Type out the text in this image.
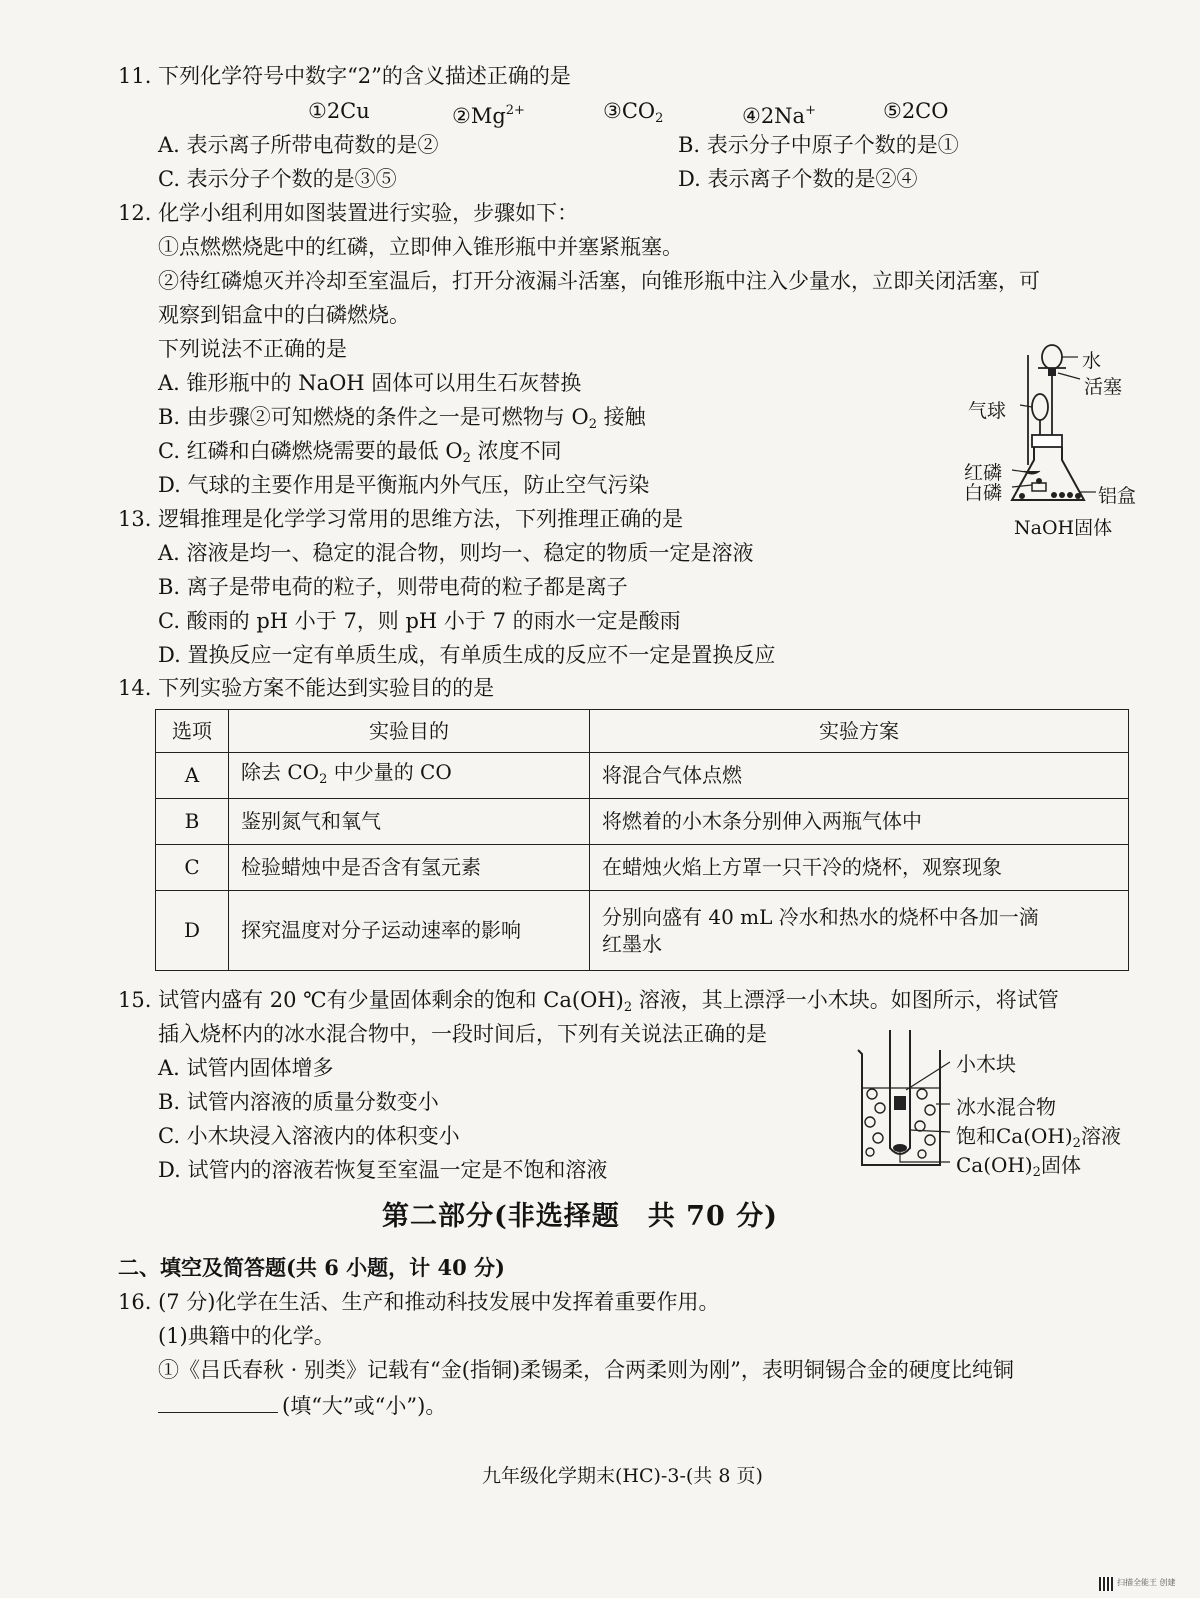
11. 下列化学符号中数字“2”的含义描述正确的是
①2Cu	$②Mg^{2+}$	$③CO_2$	④2Na+	⑤2CO
A. 表示离子所带电荷数的是②	B. 表示分子中原子个数的是①
C. 表示分子个数的是③⑤	D. 表示离子个数的是②④
12. 化学小组利用如图装置进行实验，步骤如下：
①点燃燃烧匙中的红磷，立即伸入锥形瓶中并塞紧瓶塞。
②待红磷熄灭并冷却至室温后，打开分液漏斗活塞，向锥形瓶中注入少量水，立即关闭活塞，可
观察到铝盒中的白磷燃烧。
下列说法不正确的是
A. 锥形瓶中的 NaOH 固体可以用生石灰替换
B. 由步骤②可知燃烧的条件之一是可燃物与 $O_2$ 接触
C. 红磷和白磷燃烧需要的最低 $O_2$ 浓度不同
D. 气球的主要作用是平衡瓶内外气压，防止空气污染
水
活塞
气球
红磷
白磷	铝盒
NaOH固体
13. 逻辑推理是化学学习常用的思维方法，下列推理正确的是
A. 溶液是均一、稳定的混合物，则均一、稳定的物质一定是溶液
B. 离子是带电荷的粒子，则带电荷的粒子都是离子
C. 酸雨的 pH 小于 7，则 pH 小于 7 的雨水一定是酸雨
D. 置换反应一定有单质生成，有单质生成的反应不一定是置换反应
14. 下列实验方案不能达到实验目的的是
选项	实验目的	实验方案
A	除去 $CO_2$ 中少量的 CO	将混合气体点燃
B	鉴别氮气和氧气	将燃着的小木条分别伸入两瓶气体中
C	检验蜡烛中是否含有氢元素	在蜡烛火焰上方罩一只干冷的烧杯，观察现象
D	探究温度对分子运动速率的影响	分别向盛有 40 mL 冷水和热水的烧杯中各加一滴
红墨水
15. 试管内盛有 20 ℃有少量固体剩余的饱和 $Ca(OH)_2$ 溶液，其上漂浮一小木块。如图所示，将试管
插入烧杯内的冰水混合物中，一段时间后，下列有关说法正确的是
A. 试管内固体增多
B. 试管内溶液的质量分数变小
C. 小木块浸入溶液内的体积变小
D. 试管内的溶液若恢复至室温一定是不饱和溶液
小木块
冰水混合物
饱和$Ca(OH)_2$溶液
$Ca(OH)_2$固体
第二部分(非选择题　共 70 分)
二、填空及简答题(共 6 小题，计 40 分)
16. (7 分)化学在生活、生产和推动科技发展中发挥着重要作用。
(1)典籍中的化学。
①《吕氏春秋 · 别类》记载有“金(指铜)柔锡柔，合两柔则为刚”，表明铜锡合金的硬度比纯铜
(填“大”或“小”)。
九年级化学期末(HC)-3-(共 8 页)
扫描全能王 创建
